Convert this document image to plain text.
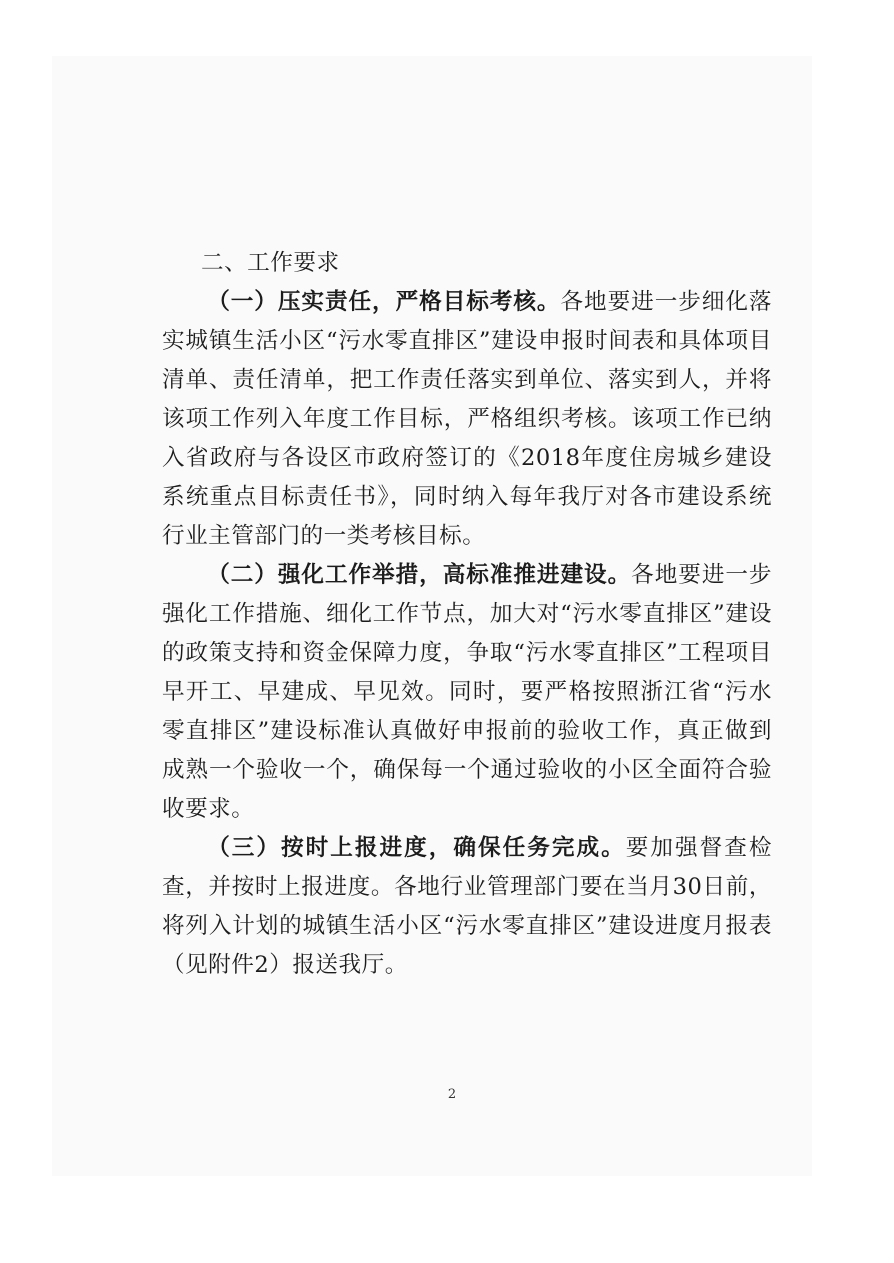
二、工作要求

（一）压实责任，严格目标考核。各地要进一步细化落实城镇生活小区“污水零直排区”建设申报时间表和具体项目清单、责任清单，把工作责任落实到单位、落实到人，并将该项工作列入年度工作目标，严格组织考核。该项工作已纳入省政府与各设区市政府签订的《2018年度住房城乡建设系统重点目标责任书》，同时纳入每年我厅对各市建设系统行业主管部门的一类考核目标。

（二）强化工作举措，高标准推进建设。各地要进一步强化工作措施、细化工作节点，加大对“污水零直排区”建设的政策支持和资金保障力度，争取“污水零直排区”工程项目早开工、早建成、早见效。同时，要严格按照浙江省“污水零直排区”建设标准认真做好申报前的验收工作，真正做到成熟一个验收一个，确保每一个通过验收的小区全面符合验收要求。

（三）按时上报进度，确保任务完成。要加强督查检查，并按时上报进度。各地行业管理部门要在当月30日前，将列入计划的城镇生活小区“污水零直排区”建设进度月报表（见附件2）报送我厅。

2
